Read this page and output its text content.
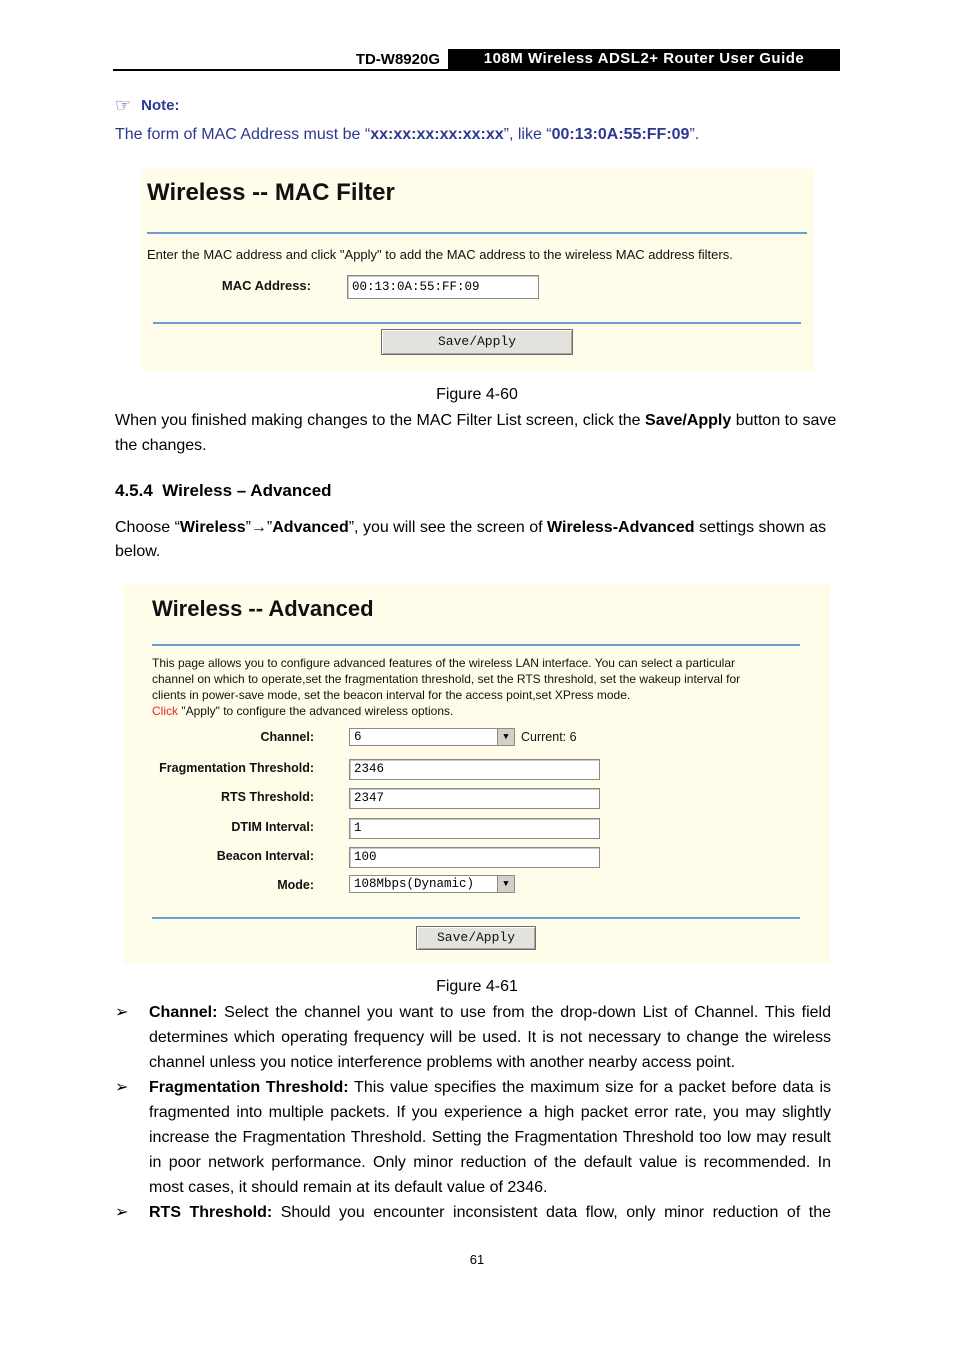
TD-W8920G	108M Wireless ADSL2+ Router User Guide
☞ Note:
The form of MAC Address must be “xx:xx:xx:xx:xx:xx”, like “00:13:0A:55:FF:09”.
Wireless -- MAC Filter
Enter the MAC address and click "Apply" to add the MAC address to the wireless MAC address filters.
MAC Address:	00:13:0A:55:FF:09
Save/Apply
Figure 4-60
When you finished making changes to the MAC Filter List screen, click the Save/Apply button to save the changes.
4.5.4  Wireless – Advanced
Choose “Wireless”→”Advanced”, you will see the screen of Wireless-Advanced settings shown as below.
Wireless -- Advanced
This page allows you to configure advanced features of the wireless LAN interface. You can select a particular
channel on which to operate,set the fragmentation threshold, set the RTS threshold, set the wakeup interval for
clients in power-save mode, set the beacon interval for the access point,set XPress mode.
Click "Apply" to configure the advanced wireless options.
Channel:	6	▼ Current: 6
Fragmentation Threshold:	2346
RTS Threshold:	2347
DTIM Interval:	1
Beacon Interval:	100
Mode:	108Mbps(Dynamic)	▼
Save/Apply
Figure 4-61
➢ Channel: Select the channel you want to use from the drop-down List of Channel. This field determines which operating frequency will be used. It is not necessary to change the wireless channel unless you notice interference problems with another nearby access point.
➢ Fragmentation Threshold: This value specifies the maximum size for a packet before data is fragmented into multiple packets. If you experience a high packet error rate, you may slightly increase the Fragmentation Threshold. Setting the Fragmentation Threshold too low may result in poor network performance. Only minor reduction of the default value is recommended. In most cases, it should remain at its default value of 2346.
➢ RTS Threshold: Should you encounter inconsistent data flow, only minor reduction of the
61
